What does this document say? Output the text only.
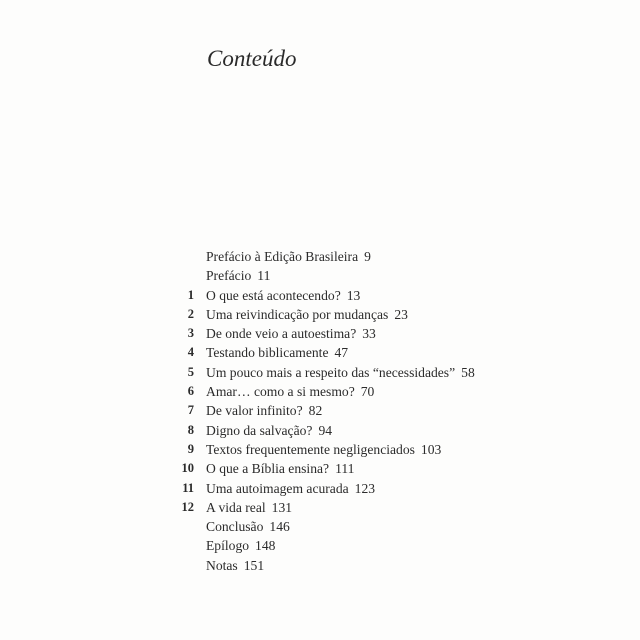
Conteúdo
Prefácio à Edição Brasileira 9
Prefácio 11
1 O que está acontecendo? 13
2 Uma reivindicação por mudanças 23
3 De onde veio a autoestima? 33
4 Testando biblicamente 47
5 Um pouco mais a respeito das “necessidades” 58
6 Amar… como a si mesmo? 70
7 De valor infinito? 82
8 Digno da salvação? 94
9 Textos frequentemente negligenciados 103
10 O que a Bíblia ensina? 111
11 Uma autoimagem acurada 123
12 A vida real 131
Conclusão 146
Epílogo 148
Notas 151
